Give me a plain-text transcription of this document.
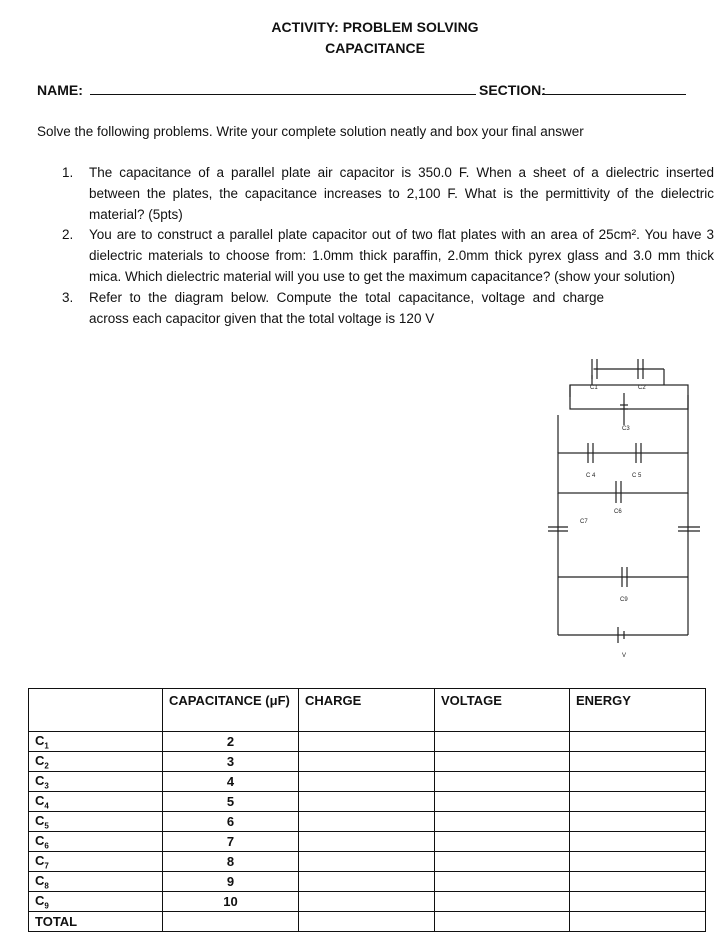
ACTIVITY: PROBLEM SOLVING
CAPACITANCE
NAME:	SECTION:
Solve the following problems. Write your complete solution neatly and box your final answer
1. The capacitance of a parallel plate air capacitor is 350.0 F. When a sheet of a dielectric inserted between the plates, the capacitance increases to 2,100 F. What is the permittivity of the dielectric material? (5pts)
2. You are to construct a parallel plate capacitor out of two flat plates with an area of 25cm². You have 3 dielectric materials to choose from: 1.0mm thick paraffin, 2.0mm thick pyrex glass and 3.0 mm thick mica. Which dielectric material will you use to get the maximum capacitance? (show your solution)
3. Refer to the diagram below. Compute the total capacitance, voltage and charge across each capacitor given that the total voltage is 120 V
C1	C2
C3
C 4	C 5
C6
C7
C9
V
	CAPACITANCE (μF)	CHARGE	VOLTAGE	ENERGY
$C_1$	2			
$C_2$	3			
$C_3$	4			
$C_4$	5			
$C_5$	6			
$C_6$	7			
$C_7$	8			
$C_8$	9			
$C_9$	10			
TOTAL				
